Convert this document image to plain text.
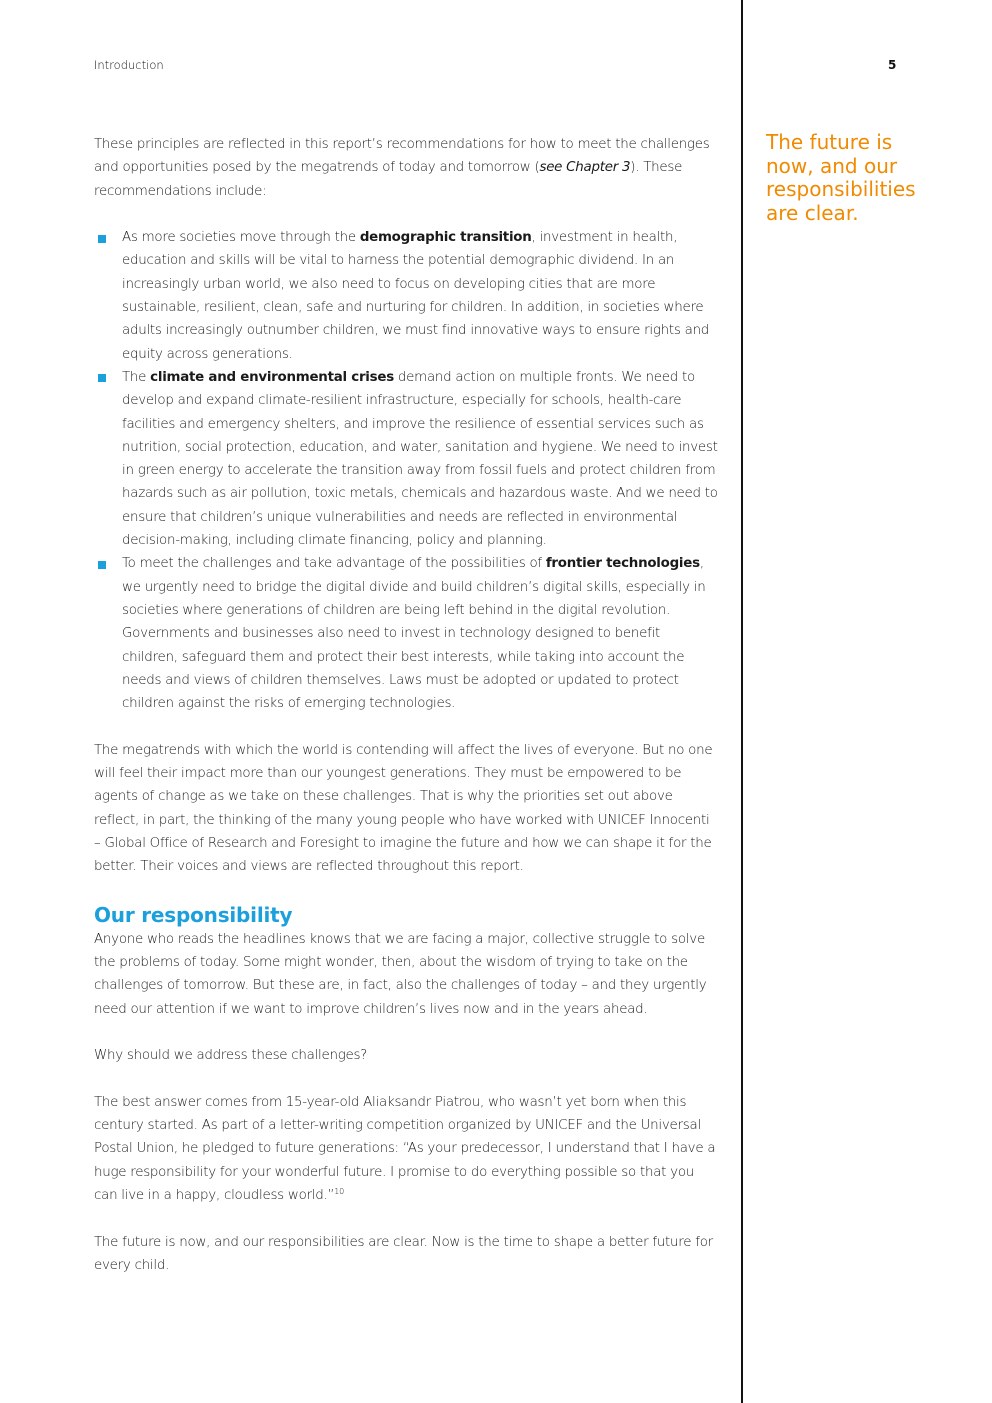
Introduction	5
The future is now, and our responsibilities are clear.

These principles are reflected in this report’s recommendations for how to meet the challenges and opportunities posed by the megatrends of today and tomorrow (see Chapter 3). These recommendations include:

As more societies move through the demographic transition, investment in health, education and skills will be vital to harness the potential demographic dividend. In an increasingly urban world, we also need to focus on developing cities that are more sustainable, resilient, clean, safe and nurturing for children. In addition, in societies where adults increasingly outnumber children, we must find innovative ways to ensure rights and equity across generations.
The climate and environmental crises demand action on multiple fronts. We need to develop and expand climate-resilient infrastructure, especially for schools, health-care facilities and emergency shelters, and improve the resilience of essential services such as nutrition, social protection, education, and water, sanitation and hygiene. We need to invest in green energy to accelerate the transition away from fossil fuels and protect children from hazards such as air pollution, toxic metals, chemicals and hazardous waste. And we need to ensure that children’s unique vulnerabilities and needs are reflected in environmental decision-making, including climate financing, policy and planning.
To meet the challenges and take advantage of the possibilities of frontier technologies, we urgently need to bridge the digital divide and build children’s digital skills, especially in societies where generations of children are being left behind in the digital revolution. Governments and businesses also need to invest in technology designed to benefit children, safeguard them and protect their best interests, while taking into account the needs and views of children themselves. Laws must be adopted or updated to protect children against the risks of emerging technologies.

The megatrends with which the world is contending will affect the lives of everyone. But no one will feel their impact more than our youngest generations. They must be empowered to be agents of change as we take on these challenges. That is why the priorities set out above reflect, in part, the thinking of the many young people who have worked with UNICEF Innocenti – Global Office of Research and Foresight to imagine the future and how we can shape it for the better. Their voices and views are reflected throughout this report.

Our responsibility

Anyone who reads the headlines knows that we are facing a major, collective struggle to solve the problems of today. Some might wonder, then, about the wisdom of trying to take on the challenges of tomorrow. But these are, in fact, also the challenges of today – and they urgently need our attention if we want to improve children’s lives now and in the years ahead.

Why should we address these challenges?

The best answer comes from 15-year-old Aliaksandr Piatrou, who wasn’t yet born when this century started. As part of a letter-writing competition organized by UNICEF and the Universal Postal Union, he pledged to future generations: “As your predecessor, I understand that I have a huge responsibility for your wonderful future. I promise to do everything possible so that you can live in a happy, cloudless world.”$^{10}$

The future is now, and our responsibilities are clear. Now is the time to shape a better future for every child.
